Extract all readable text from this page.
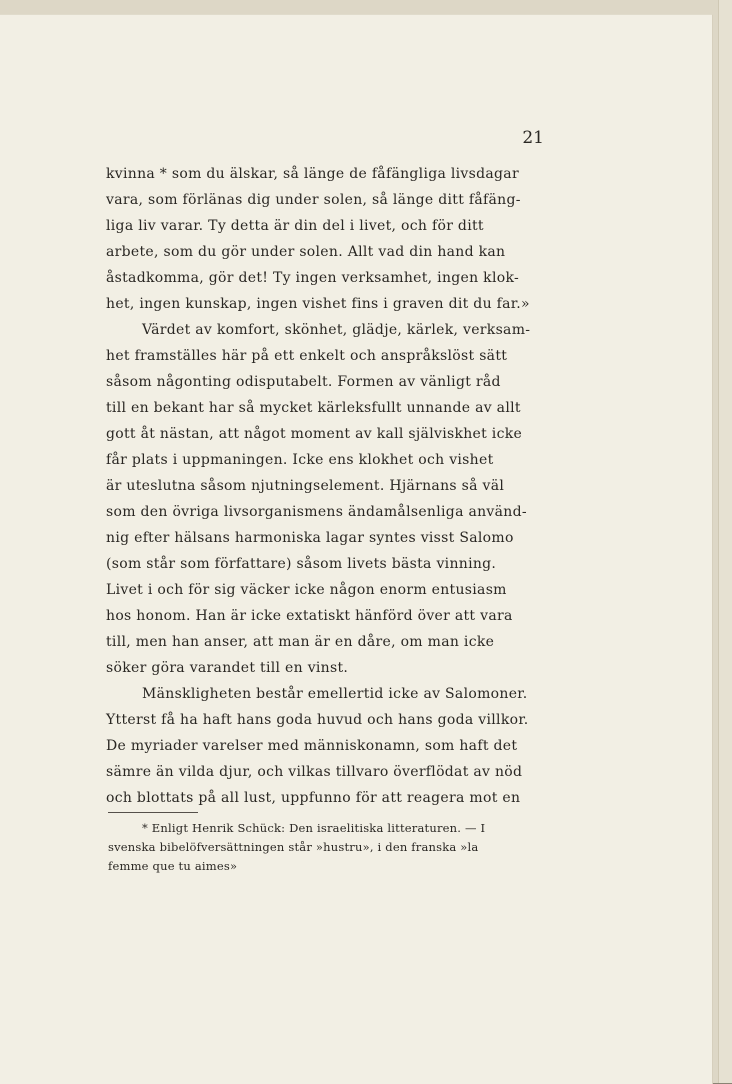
21
kvinna * som du älskar, så länge de fåfängliga livsdagar
vara, som förlänas dig under solen, så länge ditt fåfäng-
liga liv varar. Ty detta är din del i livet, och för ditt
arbete, som du gör under solen. Allt vad din hand kan
åstadkomma, gör det! Ty ingen verksamhet, ingen klok-
het, ingen kunskap, ingen vishet fins i graven dit du far.»
Värdet av komfort, skönhet, glädje, kärlek, verksam-
het framställes här på ett enkelt och anspråkslöst sätt
såsom någonting odisputabelt. Formen av vänligt råd
till en bekant har så mycket kärleksfullt unnande av allt
gott åt nästan, att något moment av kall själviskhet icke
får plats i uppmaningen. Icke ens klokhet och vishet
är uteslutna såsom njutningselement. Hjärnans så väl
som den övriga livsorganismens ändamålsenliga använd-
nig efter hälsans harmoniska lagar syntes visst Salomo
(som står som författare) såsom livets bästa vinning.
Livet i och för sig väcker icke någon enorm entusiasm
hos honom. Han är icke extatiskt hänförd över att vara
till, men han anser, att man är en dåre, om man icke
söker göra varandet till en vinst.
Mänskligheten består emellertid icke av Salomoner.
Ytterst få ha haft hans goda huvud och hans goda villkor.
De myriader varelser med människonamn, som haft det
sämre än vilda djur, och vilkas tillvaro överflödat av nöd
och blottats på all lust, uppfunno för att reagera mot en
* Enligt Henrik Schück: Den israelitiska litteraturen. — I
svenska bibelöfversättningen står »hustru», i den franska »la
femme que tu aimes»
